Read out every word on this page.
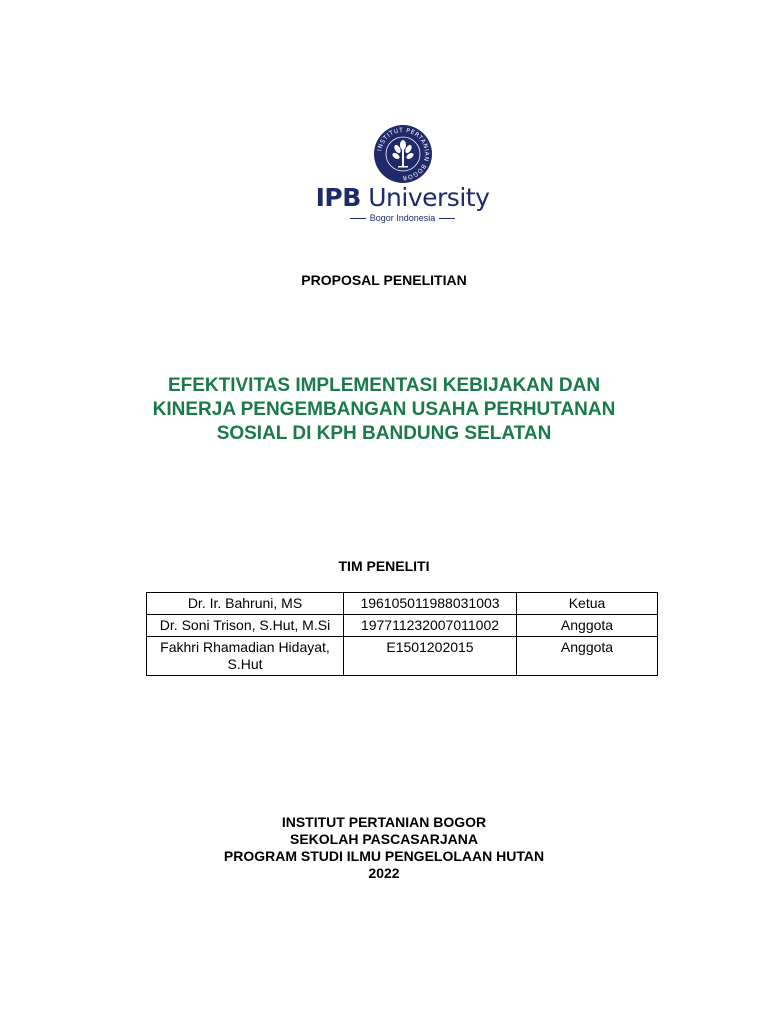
INSTITUT PERTANIAN BOGOR
IPB University
Bogor Indonesia
PROPOSAL PENELITIAN
EFEKTIVITAS IMPLEMENTASI KEBIJAKAN DAN
KINERJA PENGEMBANGAN USAHA PERHUTANAN
SOSIAL DI KPH BANDUNG SELATAN
TIM PENELITI
Dr. Ir. Bahruni, MS	196105011988031003	Ketua
Dr. Soni Trison, S.Hut, M.Si	197711232007011002	Anggota
Fakhri Rhamadian Hidayat, S.Hut	E1501202015	Anggota
INSTITUT PERTANIAN BOGOR
SEKOLAH PASCASARJANA
PROGRAM STUDI ILMU PENGELOLAAN HUTAN
2022
